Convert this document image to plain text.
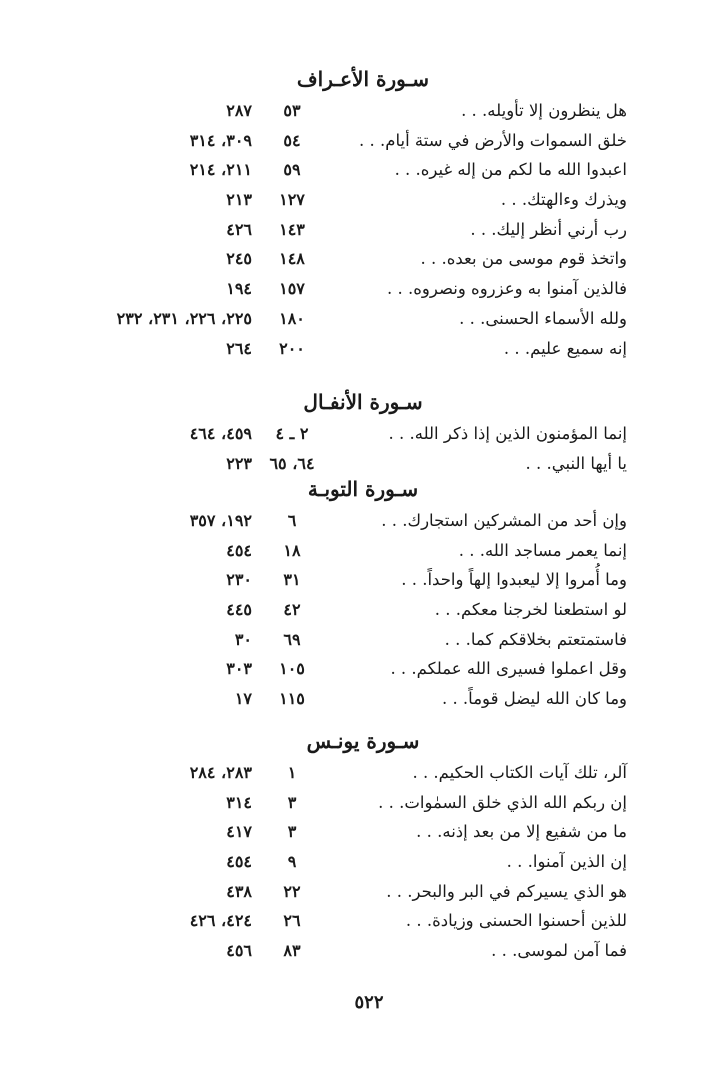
سـورة الأعـراف
هل ينظرون إلا تأويله. . .
٥٣
٢٨٧
خلق السموات والأرض في ستة أيام. . .
٥٤
٣٠٩، ٣١٤
اعبدوا الله ما لكم من إله غيره. . .
٥٩
٢١١، ٢١٤
ويذرك وءالهتك. . .
١٢٧
٢١٣
رب أرني أنظر إليك. . .
١٤٣
٤٢٦
واتخذ قوم موسى من بعده. . .
١٤٨
٢٤٥
فالذين آمنوا به وعزروه ونصروه. . .
١٥٧
١٩٤
ولله الأسماء الحسنى. . .
١٨٠
٢٢٥، ٢٢٦، ٢٣١، ٢٣٢
إنه سميع عليم. . .
٢٠٠
٢٦٤
سـورة الأنفـال
إنما المؤمنون الذين إذا ذكر الله. . .
٢ ـ ٤
٤٥٩، ٤٦٤
يا أيها النبي. . .
٦٤، ٦٥
٢٢٣
سـورة التوبـة
وإن أحد من المشركين استجارك. . .
٦
١٩٢، ٣٥٧
إنما يعمر مساجد الله. . .
١٨
٤٥٤
وما أُمروا إلا ليعبدوا إلهاً واحداً. . .
٣١
٢٣٠
لو استطعنا لخرجنا معكم. . .
٤٢
٤٤٥
فاستمتعتم بخلاقكم كما. . .
٦٩
٣٠
وقل اعملوا فسيرى الله عملكم. . .
١٠٥
٣٠٣
وما كان الله ليضل قوماً. . .
١١٥
١٧
سـورة يونـس
آلر، تلك آيات الكتاب الحكيم. . .
١
٢٨٣، ٢٨٤
إن ربكم الله الذي خلق السمٰوات. . .
٣
٣١٤
ما من شفيع إلا من بعد إذنه. . .
٣
٤١٧
إن الذين آمنوا. . .
٩
٤٥٤
هو الذي يسيركم في البر والبحر. . .
٢٢
٤٣٨
للذين أحسنوا الحسنى وزيادة. . .
٢٦
٤٢٤، ٤٢٦
فما آمن لموسى. . .
٨٣
٤٥٦
٥٢٢
